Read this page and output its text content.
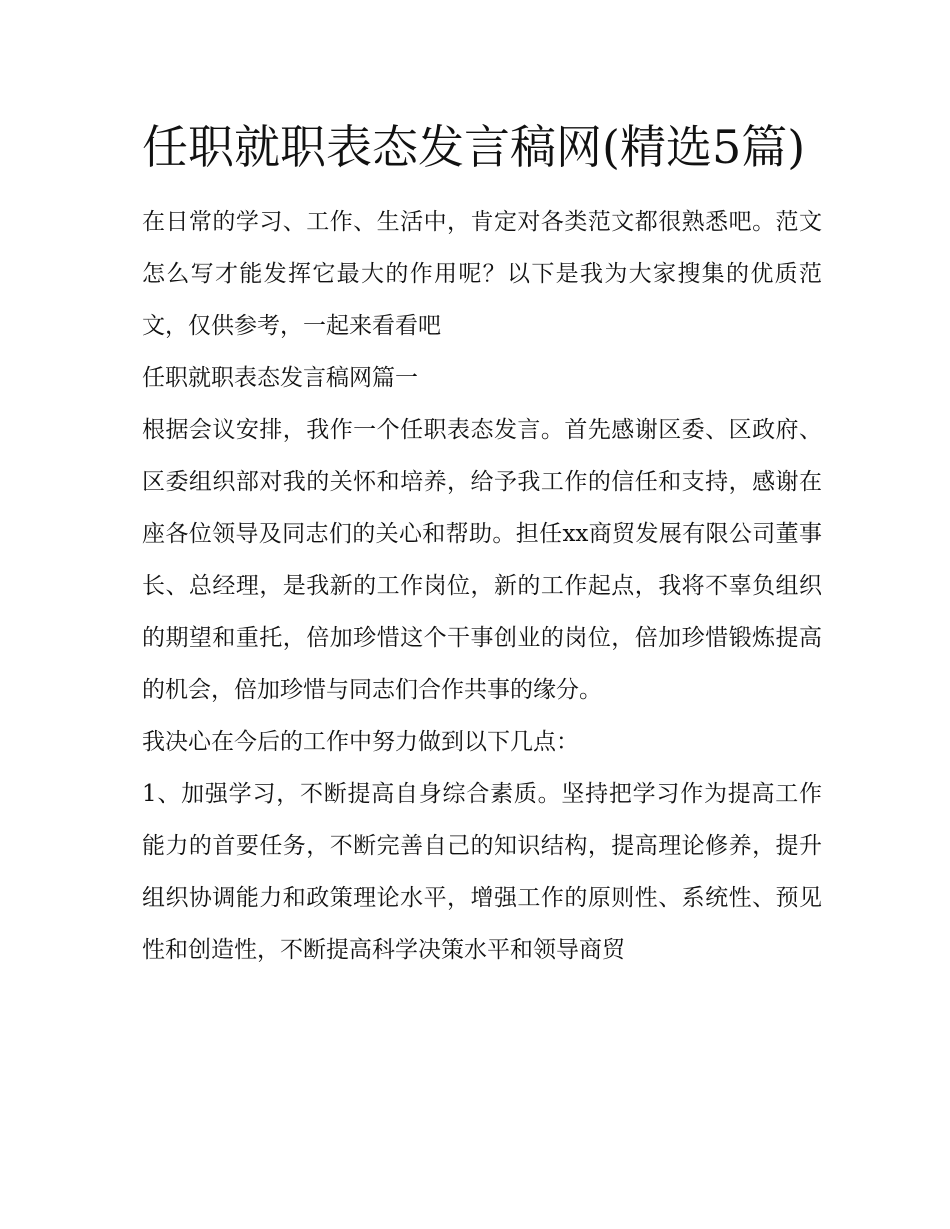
任职就职表态发言稿网(精选5篇)

在日常的学习、工作、生活中，肯定对各类范文都很熟悉吧。范文怎么写才能发挥它最大的作用呢？以下是我为大家搜集的优质范文，仅供参考，一起来看看吧

任职就职表态发言稿网篇一

根据会议安排，我作一个任职表态发言。首先感谢区委、区政府、区委组织部对我的关怀和培养，给予我工作的信任和支持，感谢在座各位领导及同志们的关心和帮助。担任xx商贸发展有限公司董事长、总经理，是我新的工作岗位，新的工作起点，我将不辜负组织的期望和重托，倍加珍惜这个干事创业的岗位，倍加珍惜锻炼提高的机会，倍加珍惜与同志们合作共事的缘分。

我决心在今后的工作中努力做到以下几点：

1、加强学习，不断提高自身综合素质。坚持把学习作为提高工作能力的首要任务，不断完善自己的知识结构，提高理论修养，提升组织协调能力和政策理论水平，增强工作的原则性、系统性、预见性和创造性，不断提高科学决策水平和领导商贸
